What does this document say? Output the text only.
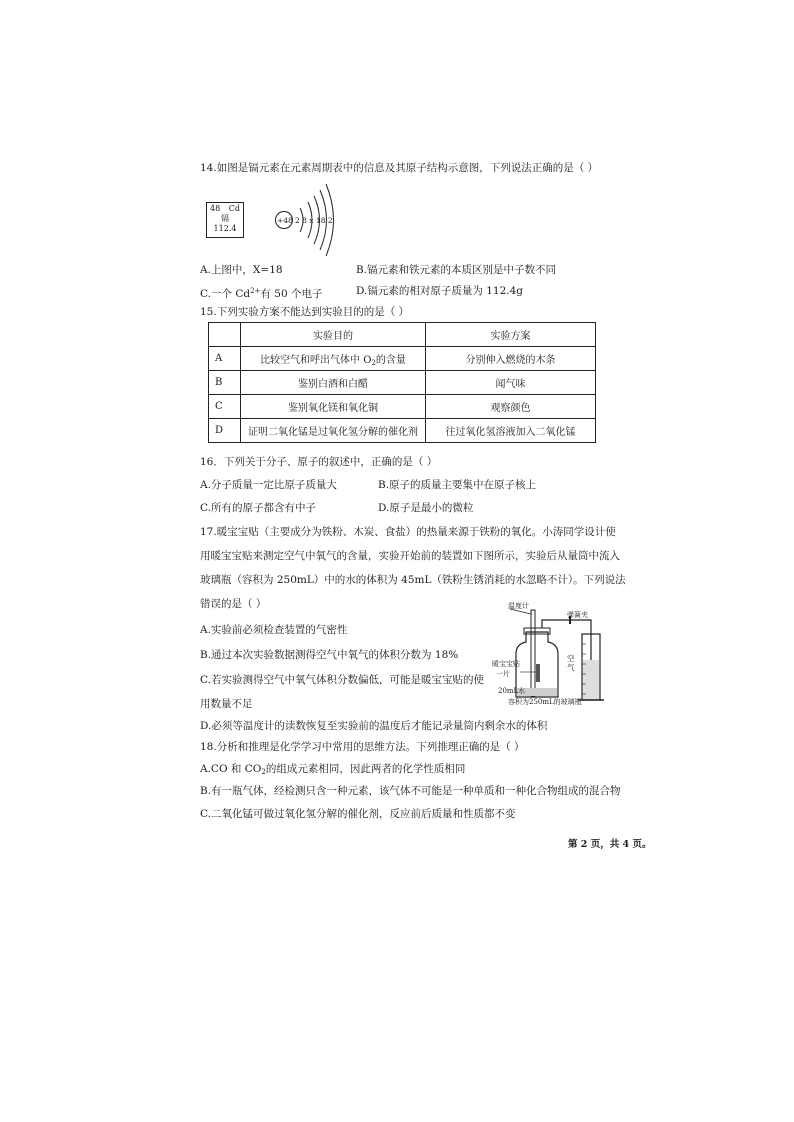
14.如图是镉元素在元素周期表中的信息及其原子结构示意图，下列说法正确的是（ ）
48 Cd
镉
112.4
+48 2 8 x 18 2
A.上图中，X=18	B.镉元素和铁元素的本质区别是中子数不同
C.一个 $Cd^{2+}$有 50 个电子	D.镉元素的相对原子质量为 112.4g
15.下列实验方案不能达到实验目的的是（ ）
	实验目的	实验方案
A	比较空气和呼出气体中 $O_2$的含量	分别伸入燃烧的木条
B	鉴别白酒和白醋	闻气味
C	鉴别氧化镁和氧化铜	观察颜色
D	证明二氧化锰是过氧化氢分解的催化剂	往过氧化氢溶液加入二氧化锰
16．下列关于分子、原子的叙述中，正确的是（ ）
A.分子质量一定比原子质量大	B.原子的质量主要集中在原子核上
C.所有的原子都含有中子	D.原子是最小的微粒
17.暖宝宝贴（主要成分为铁粉、木炭、食盐）的热量来源于铁粉的氧化。小涛同学设计使
用暖宝宝贴来测定空气中氧气的含量，实验开始前的装置如下图所示，实验后从量筒中流入
玻璃瓶（容积为 250mL）中的水的体积为 45mL（铁粉生锈消耗的水忽略不计）。下列说法
错误的是（ ）
A.实验前必须检查装置的气密性
B.通过本次实验数据测得空气中氧气的体积分数为 18%
C.若实验测得空气中氧气体积分数偏低，可能是暖宝宝贴的使
用数量不足
D.必须等温度计的读数恢复至实验前的温度后才能记录量筒内剩余水的体积
温度计
弹簧夹
空气
暖宝宝贴
一片
20mL水
容积为250mL的玻璃瓶
18.分析和推理是化学学习中常用的思维方法。下列推理正确的是（ ）
A.CO 和 $CO_2$的组成元素相同，因此两者的化学性质相同
B.有一瓶气体，经检测只含一种元素，该气体不可能是一种单质和一种化合物组成的混合物
C.二氧化锰可做过氧化氢分解的催化剂，反应前后质量和性质都不变
第 2 页，共 4 页。
